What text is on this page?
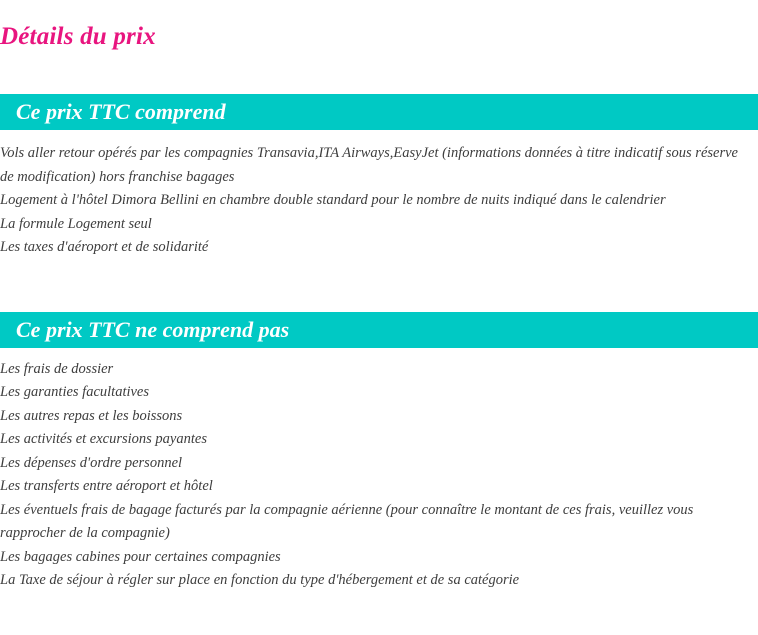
Détails du prix
Ce prix TTC comprend
Vols aller retour opérés par les compagnies Transavia,ITA Airways,EasyJet (informations données à titre indicatif sous réserve de modification) hors franchise bagages
Logement à l'hôtel Dimora Bellini en chambre double standard pour le nombre de nuits indiqué dans le calendrier
La formule Logement seul
Les taxes d'aéroport et de solidarité
Ce prix TTC ne comprend pas
Les frais de dossier
Les garanties facultatives
Les autres repas et les boissons
Les activités et excursions payantes
Les dépenses d'ordre personnel
Les transferts entre aéroport et hôtel
Les éventuels frais de bagage facturés par la compagnie aérienne (pour connaître le montant de ces frais, veuillez vous rapprocher de la compagnie)
Les bagages cabines pour certaines compagnies
La Taxe de séjour à régler sur place en fonction du type d'hébergement et de sa catégorie
